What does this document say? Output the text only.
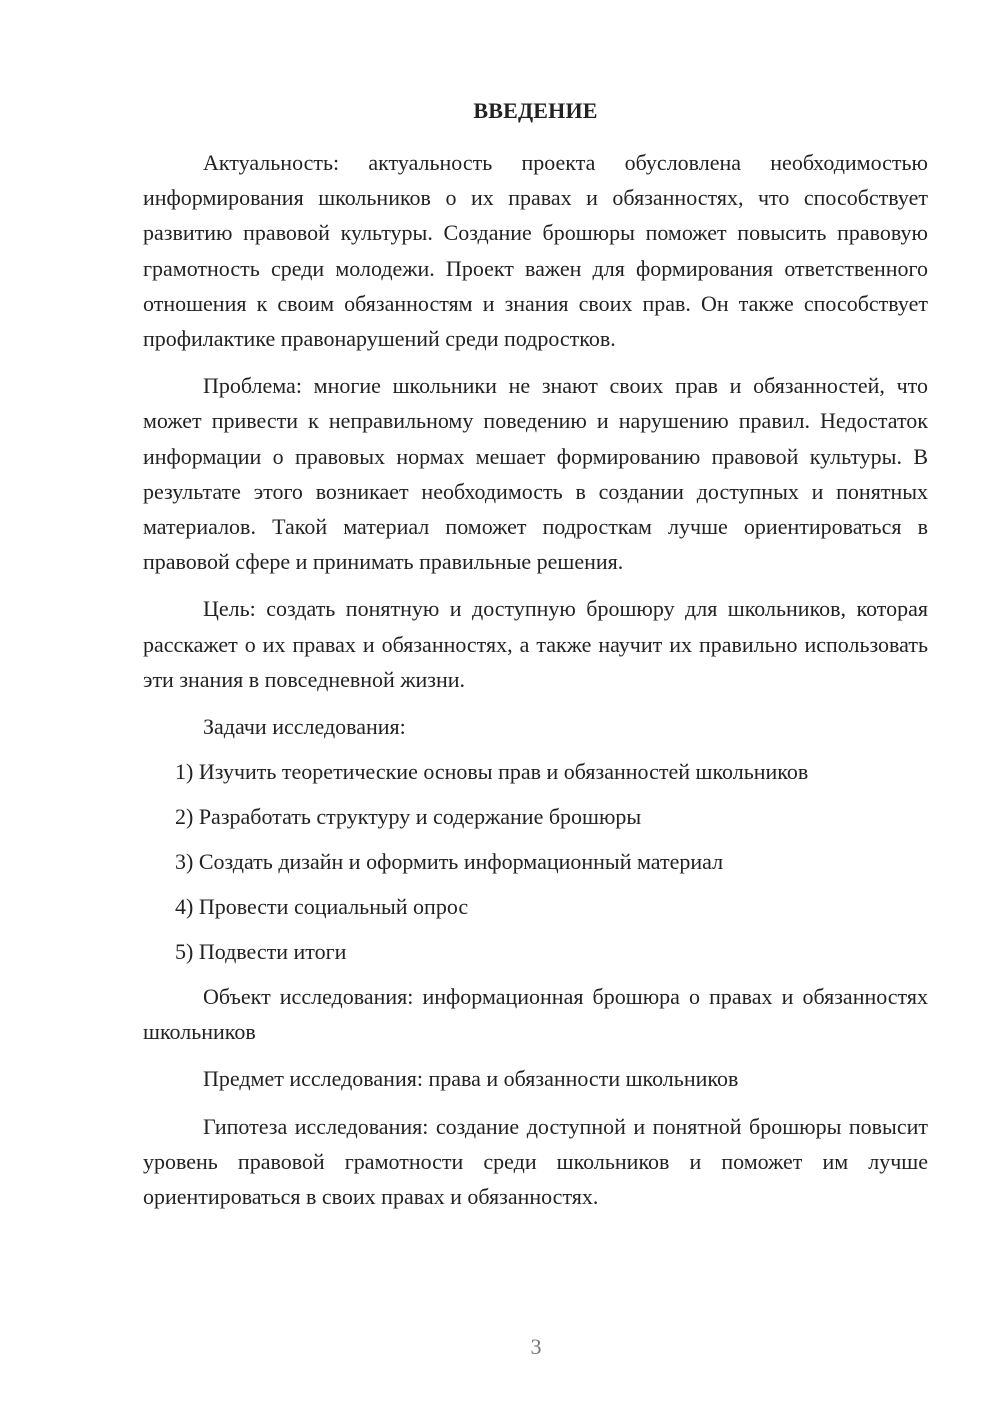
ВВЕДЕНИЕ

Актуальность: актуальность проекта обусловлена необходимостью информирования школьников о их правах и обязанностях, что способствует развитию правовой культуры. Создание брошюры поможет повысить правовую грамотность среди молодежи. Проект важен для формирования ответственного отношения к своим обязанностям и знания своих прав. Он также способствует профилактике правонарушений среди подростков.

Проблема: многие школьники не знают своих прав и обязанностей, что может привести к неправильному поведению и нарушению правил. Недостаток информации о правовых нормах мешает формированию правовой культуры. В результате этого возникает необходимость в создании доступных и понятных материалов. Такой материал поможет подросткам лучше ориентироваться в правовой сфере и принимать правильные решения.

Цель: создать понятную и доступную брошюру для школьников, которая расскажет о их правах и обязанностях, а также научит их правильно использовать эти знания в повседневной жизни.

Задачи исследования:
1) Изучить теоретические основы прав и обязанностей школьников
2) Разработать структуру и содержание брошюры
3) Создать дизайн и оформить информационный материал
4) Провести социальный опрос
5) Подвести итоги

Объект исследования: информационная брошюра о правах и обязанностях школьников

Предмет исследования: права и обязанности школьников

Гипотеза исследования: создание доступной и понятной брошюры повысит уровень правовой грамотности среди школьников и поможет им лучше ориентироваться в своих правах и обязанностях.

3
